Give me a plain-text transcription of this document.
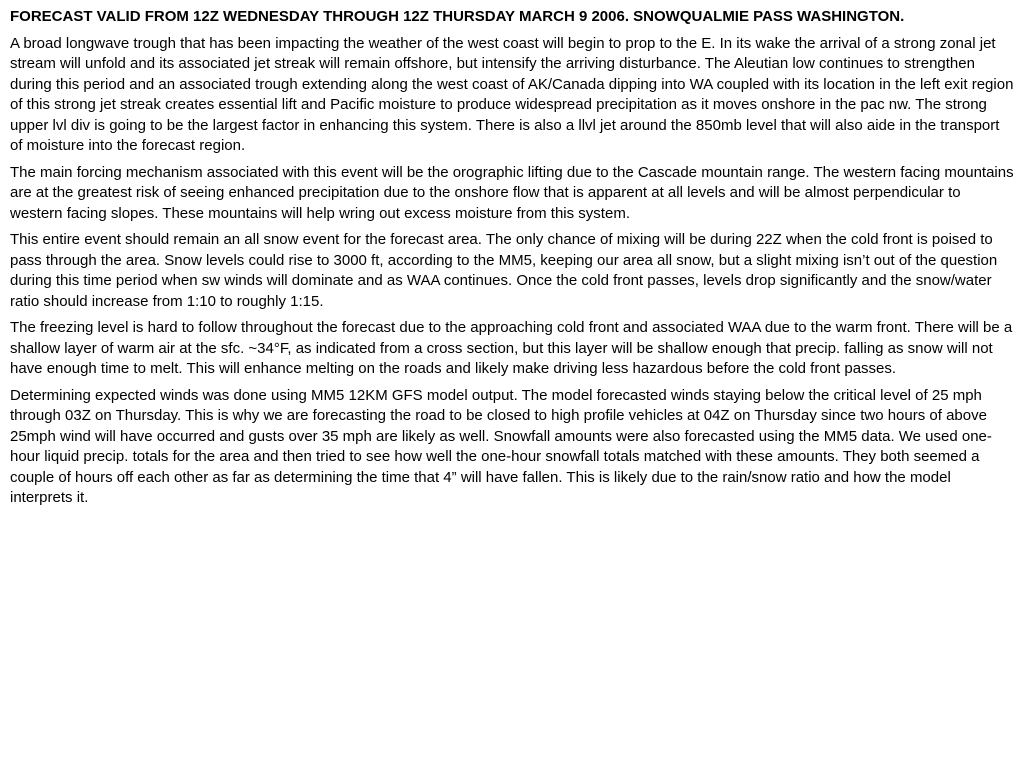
FORECAST VALID FROM 12Z WEDNESDAY THROUGH 12Z THURSDAY MARCH 9 2006. SNOWQUALMIE PASS WASHINGTON.

A broad longwave trough that has been impacting the weather of the west coast will begin to prop to the E. In its wake the arrival of a strong zonal jet stream will unfold and its associated jet streak will remain offshore, but intensify the arriving disturbance. The Aleutian low continues to strengthen during this period and an associated trough extending along the west coast of AK/Canada dipping into WA coupled with its location in the left exit region of this strong jet streak creates essential lift and Pacific moisture to produce widespread precipitation as it moves onshore in the pac nw. The strong upper lvl div is going to be the largest factor in enhancing this system. There is also a llvl jet around the 850mb level that will also aide in the transport of moisture into the forecast region.

The main forcing mechanism associated with this event will be the orographic lifting due to the Cascade mountain range. The western facing mountains are at the greatest risk of seeing enhanced precipitation due to the onshore flow that is apparent at all levels and will be almost perpendicular to western facing slopes. These mountains will help wring out excess moisture from this system.

This entire event should remain an all snow event for the forecast area. The only chance of mixing will be during 22Z when the cold front is poised to pass through the area. Snow levels could rise to 3000 ft, according to the MM5, keeping our area all snow, but a slight mixing isn’t out of the question during this time period when sw winds will dominate and as WAA continues. Once the cold front passes, levels drop significantly and the snow/water ratio should increase from 1:10 to roughly 1:15.

The freezing level is hard to follow throughout the forecast due to the approaching cold front and associated WAA due to the warm front. There will be a shallow layer of warm air at the sfc. ~34°F, as indicated from a cross section, but this layer will be shallow enough that precip. falling as snow will not have enough time to melt. This will enhance melting on the roads and likely make driving less hazardous before the cold front passes.

Determining expected winds was done using MM5 12KM GFS model output. The model forecasted winds staying below the critical level of 25 mph through 03Z on Thursday. This is why we are forecasting the road to be closed to high profile vehicles at 04Z on Thursday since two hours of above 25mph wind will have occurred and gusts over 35 mph are likely as well. Snowfall amounts were also forecasted using the MM5 data. We used one-hour liquid precip. totals for the area and then tried to see how well the one-hour snowfall totals matched with these amounts. They both seemed a couple of hours off each other as far as determining the time that 4” will have fallen. This is likely due to the rain/snow ratio and how the model interprets it.
